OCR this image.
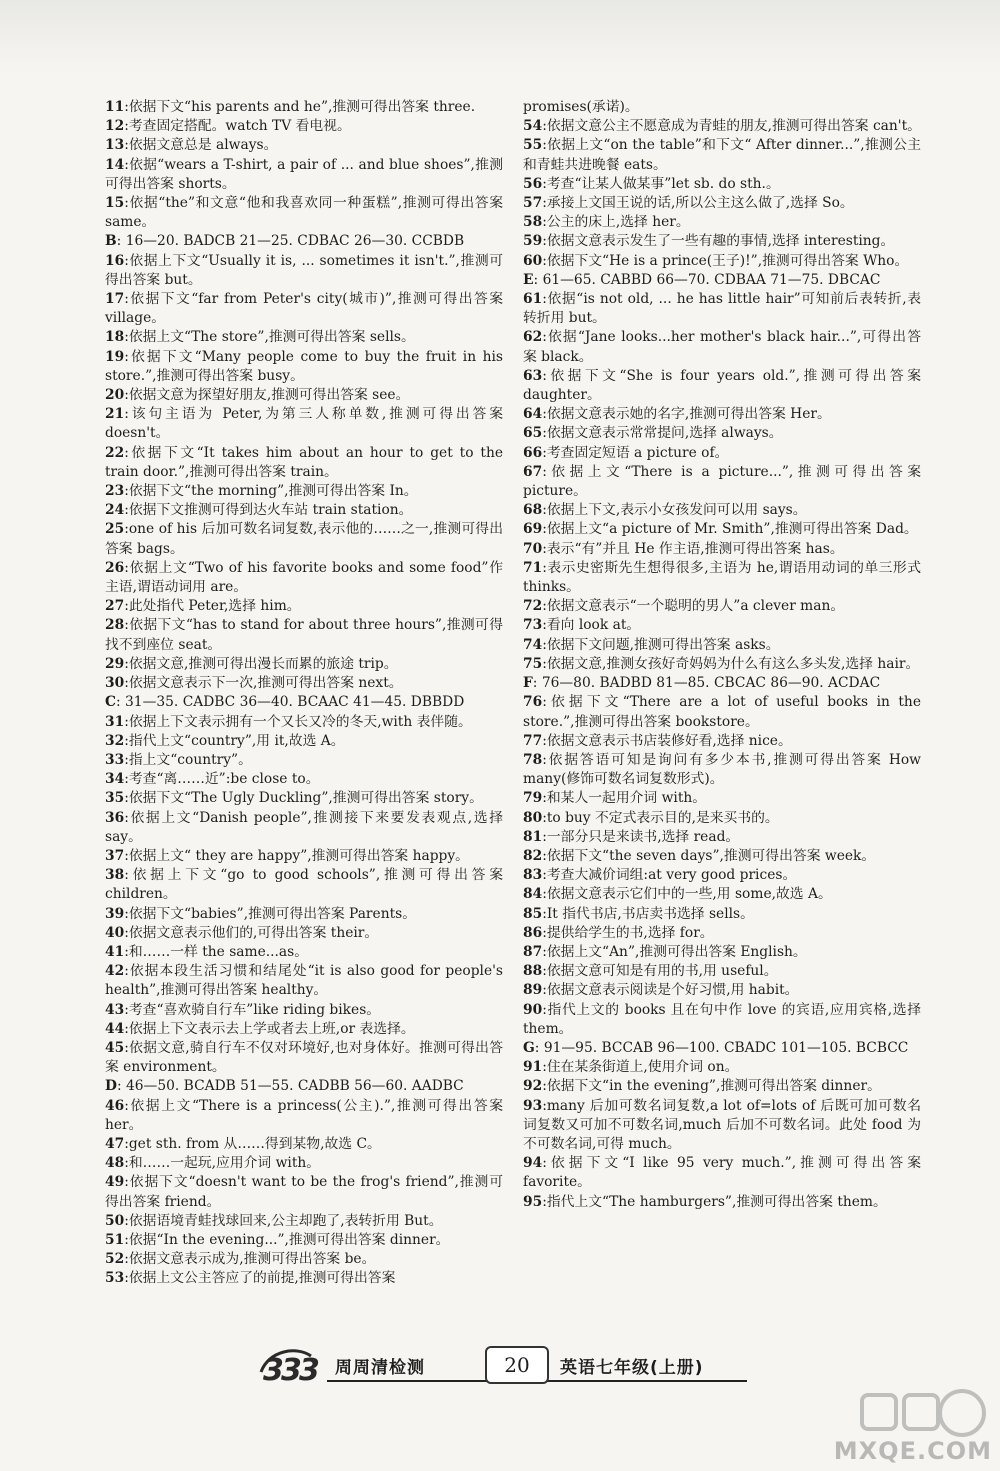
11:依据下文“his parents and he”,推测可得出答案 three.

12:考查固定搭配。watch TV 看电视。

13:依据文意总是 always。

14:依据“wears a T-shirt, a pair of ... and blue shoes”,推测可得出答案 shorts。

15:依据“the”和文意“他和我喜欢同一种蛋糕”,推测可得出答案 same。

B: 16—20. BADCB 21—25. CDBAC 26—30. CCBDB

16:依据上下文“Usually it is, ... sometimes it isn't.”,推测可得出答案 but。

17:依据下文“far from Peter's city(城市)”,推测可得出答案 village。

18:依据上文“The store”,推测可得出答案 sells。

19:依据下文“Many people come to buy the fruit in his store.”,推测可得出答案 busy。

20:依据文意为探望好朋友,推测可得出答案 see。

21:该句主语为 Peter,为第三人称单数,推测可得出答案 doesn't。

22:依据下文“It takes him about an hour to get to the train door.”,推测可得出答案 train。

23:依据下文“the morning”,推测可得出答案 In。

24:依据下文推测可得到达火车站 train station。

25:one of his 后加可数名词复数,表示他的……之一,推测可得出答案 bags。

26:依据上文“Two of his favorite books and some food”作主语,谓语动词用 are。

27:此处指代 Peter,选择 him。

28:依据下文“has to stand for about three hours”,推测可得找不到座位 seat。

29:依据文意,推测可得出漫长而累的旅途 trip。

30:依据文意表示下一次,推测可得出答案 next。

C: 31—35. CADBC 36—40. BCAAC 41—45. DBBDD

31:依据上下文表示拥有一个又长又冷的冬天,with 表伴随。

32:指代上文“country”,用 it,故选 A。

33:指上文“country”。

34:考查“离……近”:be close to。

35:依据下文“The Ugly Duckling”,推测可得出答案 story。

36:依据上文“Danish people”,推测接下来要发表观点,选择 say。

37:依据上文“ they are happy”,推测可得出答案 happy。

38:依据上下文“go to good schools”,推测可得出答案 children。

39:依据下文“babies”,推测可得出答案 Parents。

40:依据文意表示他们的,可得出答案 their。

41:和……一样 the same...as。

42:依据本段生活习惯和结尾处“it is also good for people's health”,推测可得出答案 healthy。

43:考查“喜欢骑自行车”like riding bikes。

44:依据上下文表示去上学或者去上班,or 表选择。

45:依据文意,骑自行车不仅对环境好,也对身体好。推测可得出答案 environment。

D: 46—50. BCADB 51—55. CADBB 56—60. AADBC

46:依据上文“There is a princess(公主).”,推测可得出答案 her。

47:get sth. from 从……得到某物,故选 C。

48:和……一起玩,应用介词 with。

49:依据下文“doesn't want to be the frog's friend”,推测可得出答案 friend。

50:依据语境青蛙找球回来,公主却跑了,表转折用 But。

51:依据“In the evening...”,推测可得出答案 dinner。

52:依据文意表示成为,推测可得出答案 be。

53:依据上文公主答应了的前提,推测可得出答案

promises(承诺)。

54:依据文意公主不愿意成为青蛙的朋友,推测可得出答案 can't。

55:依据上文“on the table”和下文“ After dinner...”,推测公主和青蛙共进晚餐 eats。

56:考查“让某人做某事”let sb. do sth.。

57:承接上文国王说的话,所以公主这么做了,选择 So。

58:公主的床上,选择 her。

59:依据文意表示发生了一些有趣的事情,选择 interesting。

60:依据下文“He is a prince(王子)!”,推测可得出答案 Who。

E: 61—65. CABBD 66—70. CDBAA 71—75. DBCAC

61:依据“is not old, ... he has little hair”可知前后表转折,表转折用 but。

62:依据“Jane looks...her mother's black hair...”,可得出答案 black。

63:依据下文“She is four years old.”,推测可得出答案 daughter。

64:依据文意表示她的名字,推测可得出答案 Her。

65:依据文意表示常常提问,选择 always。

66:考查固定短语 a picture of。

67:依据上文“There is a picture...”,推测可得出答案 picture。

68:依据上下文,表示小女孩发问可以用 says。

69:依据上文“a picture of Mr. Smith”,推测可得出答案 Dad。

70:表示“有”并且 He 作主语,推测可得出答案 has。

71:表示史密斯先生想得很多,主语为 he,谓语用动词的单三形式 thinks。

72:依据文意表示“一个聪明的男人”a clever man。

73:看向 look at。

74:依据下文问题,推测可得出答案 asks。

75:依据文意,推测女孩好奇妈妈为什么有这么多头发,选择 hair。

F: 76—80. BADBD 81—85. CBCAC 86—90. ACDAC

76:依据下文“There are a lot of useful books in the store.”,推测可得出答案 bookstore。

77:依据文意表示书店装修好看,选择 nice。

78:依据答语可知是询问有多少本书,推测可得出答案 How many(修饰可数名词复数形式)。

79:和某人一起用介词 with。

80:to buy 不定式表示目的,是来买书的。

81:一部分只是来读书,选择 read。

82:依据下文“the seven days”,推测可得出答案 week。

83:考查大减价词组:at very good prices。

84:依据文意表示它们中的一些,用 some,故选 A。

85:It 指代书店,书店卖书选择 sells。

86:提供给学生的书,选择 for。

87:依据上文“An”,推测可得出答案 English。

88:依据文意可知是有用的书,用 useful。

89:依据文意表示阅读是个好习惯,用 habit。

90:指代上文的 books 且在句中作 love 的宾语,应用宾格,选择 them。

G: 91—95. BCCAB 96—100. CBADC 101—105. BCBCC

91:住在某条街道上,使用介词 on。

92:依据下文“in the evening”,推测可得出答案 dinner。

93:many 后加可数名词复数,a lot of=lots of 后既可加可数名词复数又可加不可数名词,much 后加不可数名词。此处 food 为不可数名词,可得 much。

94:依据下文“I like 95 very much.”,推测可得出答案 favorite。

95:指代上文“The hamburgers”,推测可得出答案 them。

3
3
3 周周清检测	20	英语七年级(上册)
MXQE.COM
